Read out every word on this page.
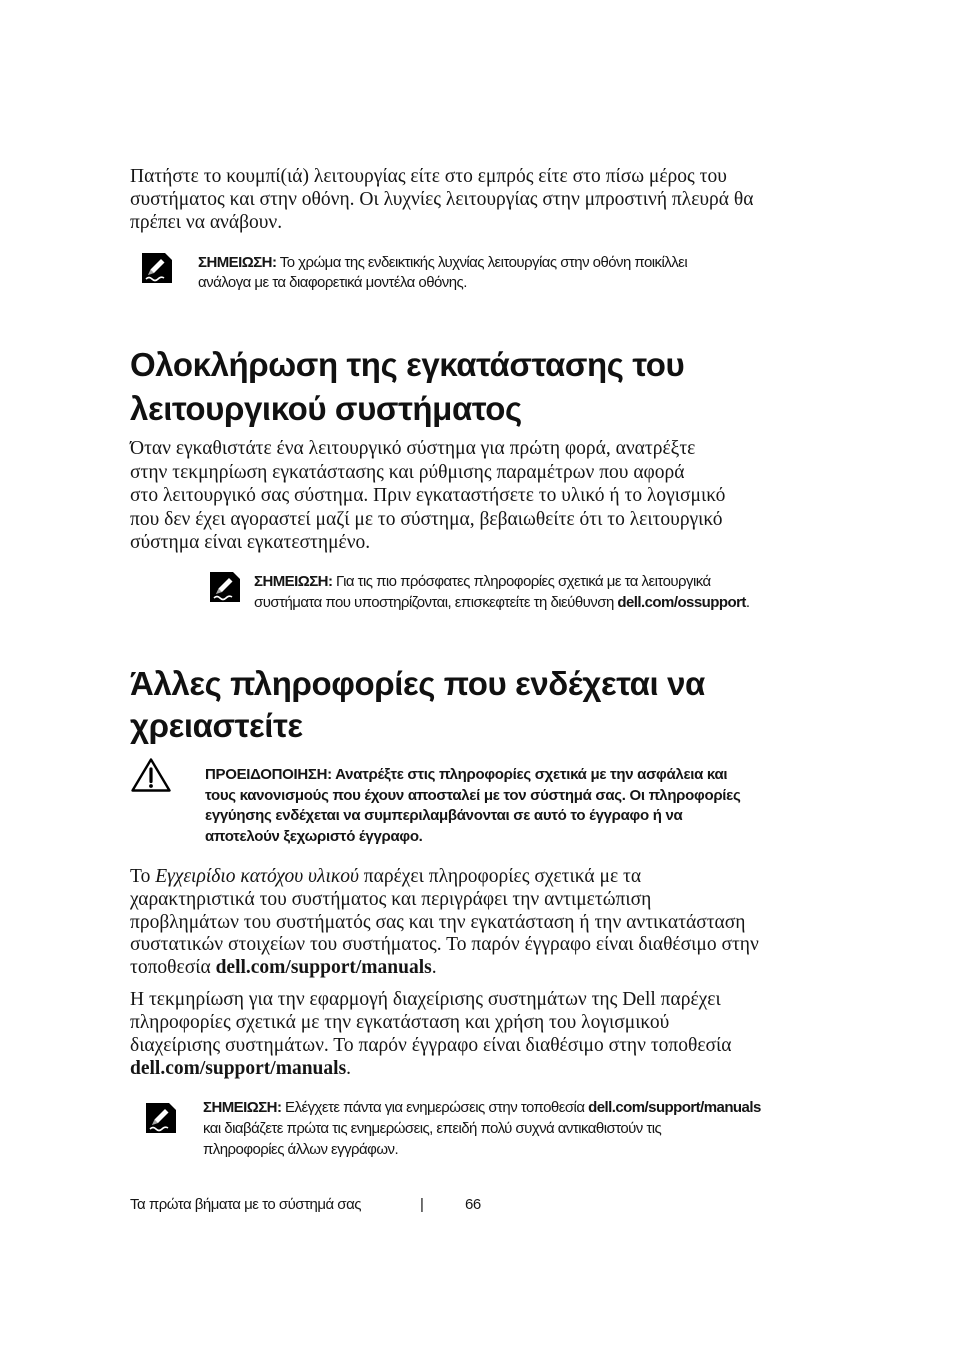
Πατήστε το κουμπί(ιά) λειτουργίας είτε στο εμπρός είτε στο πίσω μέρος του
συστήματος και στην οθόνη. Οι λυχνίες λειτουργίας στην μπροστινή πλευρά θα
πρέπει να ανάβουν.
ΣΗΜΕΙΩΣΗ: Το χρώμα της ενδεικτικής λυχνίας λειτουργίας στην οθόνη ποικίλλει
ανάλογα με τα διαφορετικά μοντέλα οθόνης.
Ολοκλήρωση της εγκατάστασης του
λειτουργικού συστήματος
Όταν εγκαθιστάτε ένα λειτουργικό σύστημα για πρώτη φορά, ανατρέξτε
στην τεκμηρίωση εγκατάστασης και ρύθμισης παραμέτρων που αφορά
στο λειτουργικό σας σύστημα. Πριν εγκαταστήσετε το υλικό ή το λογισμικό
που δεν έχει αγοραστεί μαζί με το σύστημα, βεβαιωθείτε ότι το λειτουργικό
σύστημα είναι εγκατεστημένο.
ΣΗΜΕΙΩΣΗ: Για τις πιο πρόσφατες πληροφορίες σχετικά με τα λειτουργικά
συστήματα που υποστηρίζονται, επισκεφτείτε τη διεύθυνση dell.com/ossupport.
Άλλες πληροφορίες που ενδέχεται να
χρειαστείτε
ΠΡΟΕΙΔΟΠΟΙΗΣΗ: Ανατρέξτε στις πληροφορίες σχετικά με την ασφάλεια και
τους κανονισμούς που έχουν αποσταλεί με τον σύστημά σας. Οι πληροφορίες
εγγύησης ενδέχεται να συμπεριλαμβάνονται σε αυτό το έγγραφο ή να
αποτελούν ξεχωριστό έγγραφο.
Το Εγχειρίδιο κατόχου υλικού παρέχει πληροφορίες σχετικά με τα
χαρακτηριστικά του συστήματος και περιγράφει την αντιμετώπιση
προβλημάτων του συστήματός σας και την εγκατάσταση ή την αντικατάσταση
συστατικών στοιχείων του συστήματος. Το παρόν έγγραφο είναι διαθέσιμο στην
τοποθεσία dell.com/support/manuals.
Η τεκμηρίωση για την εφαρμογή διαχείρισης συστημάτων της Dell παρέχει
πληροφορίες σχετικά με την εγκατάσταση και χρήση του λογισμικού
διαχείρισης συστημάτων. Το παρόν έγγραφο είναι διαθέσιμο στην τοποθεσία
dell.com/support/manuals.
ΣΗΜΕΙΩΣΗ: Ελέγχετε πάντα για ενημερώσεις στην τοποθεσία dell.com/support/manuals
και διαβάζετε πρώτα τις ενημερώσεις, επειδή πολύ συχνά αντικαθιστούν τις
πληροφορίες άλλων εγγράφων.
Τα πρώτα βήματα με το σύστημά σας	|	66
